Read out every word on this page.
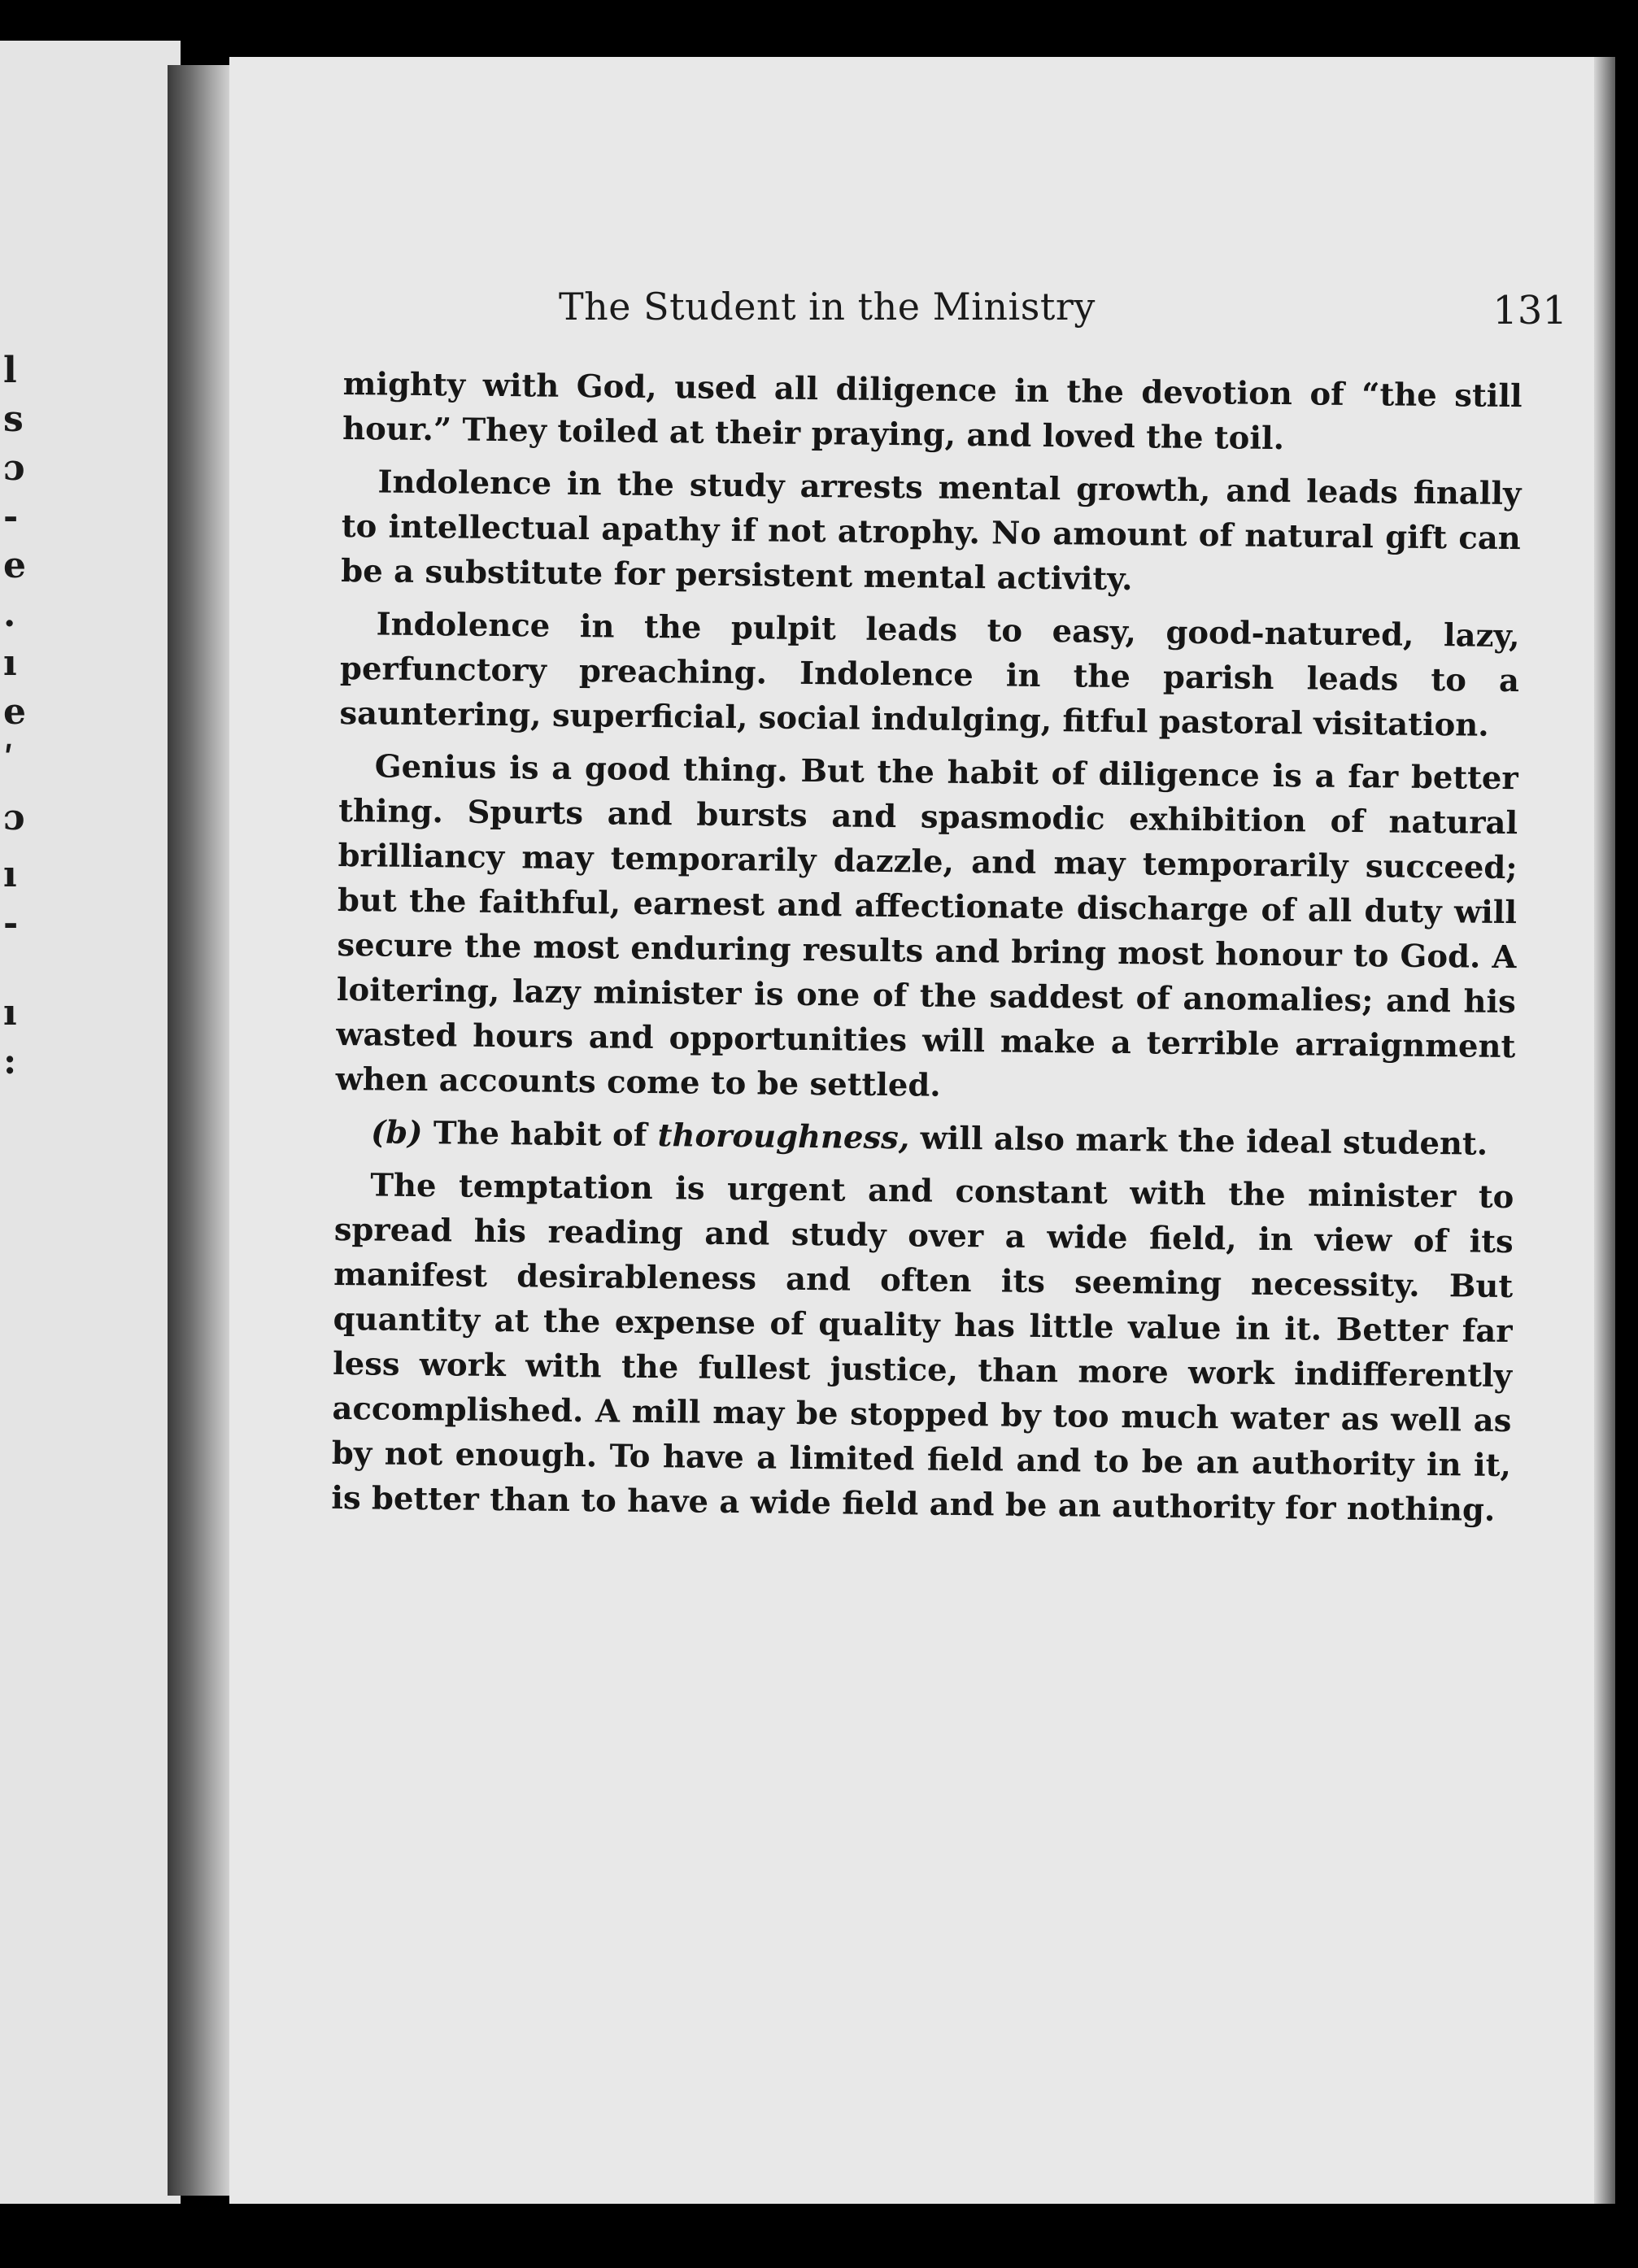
l
s
ɔ
-
e
.
ı
e
ʹ
ɔ
ı
-
ı
:
The Student in the Ministry	131

mighty with God, used all diligence in the devotion of “the still hour.” They toiled at their praying, and loved the toil.

Indolence in the study arrests mental growth, and leads finally to intellectual apathy if not atrophy. No amount of natural gift can be a substitute for persistent mental activity.

Indolence in the pulpit leads to easy, good-natured, lazy, perfunctory preaching. Indolence in the parish leads to a sauntering, superficial, social indulging, fitful pastoral visitation.

Genius is a good thing. But the habit of diligence is a far better thing. Spurts and bursts and spasmodic exhibition of natural brilliancy may temporarily dazzle, and may temporarily succeed; but the faithful, earnest and affectionate discharge of all duty will secure the most enduring results and bring most honour to God. A loitering, lazy minister is one of the saddest of anomalies; and his wasted hours and opportunities will make a terrible arraignment when accounts come to be settled.

(b) The habit of thoroughness, will also mark the ideal student.

The temptation is urgent and constant with the minister to spread his reading and study over a wide field, in view of its manifest desirableness and often its seeming necessity. But quantity at the expense of quality has little value in it. Better far less work with the fullest justice, than more work indifferently accomplished. A mill may be stopped by too much water as well as by not enough. To have a limited field and to be an authority in it, is better than to have a wide field and be an authority for nothing.
